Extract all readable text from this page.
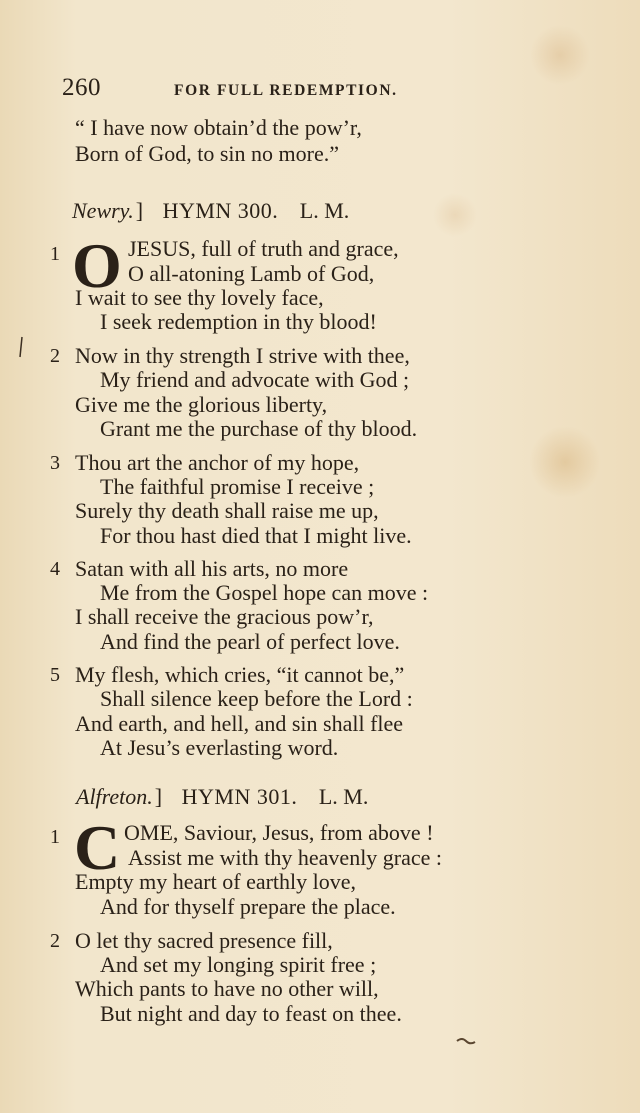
260	FOR FULL REDEMPTION.
“ I have now obtain’d the pow’r,
Born of God, to sin no more.”
Newry.] HYMN 300. L. M.
1 O JESUS, full of truth and grace,
O all-atoning Lamb of God,
I wait to see thy lovely face,
I seek redemption in thy blood!
2 Now in thy strength I strive with thee,
My friend and advocate with God ;
Give me the glorious liberty,
Grant me the purchase of thy blood.
3 Thou art the anchor of my hope,
The faithful promise I receive ;
Surely thy death shall raise me up,
For thou hast died that I might live.
4 Satan with all his arts, no more
Me from the Gospel hope can move :
I shall receive the gracious pow’r,
And find the pearl of perfect love.
5 My flesh, which cries, “it cannot be,”
Shall silence keep before the Lord :
And earth, and hell, and sin shall flee
At Jesu’s everlasting word.
Alfreton.] HYMN 301. L. M.
1 C OME, Saviour, Jesus, from above !
Assist me with thy heavenly grace :
Empty my heart of earthly love,
And for thyself prepare the place.
2 O let thy sacred presence fill,
And set my longing spirit free ;
Which pants to have no other will,
But night and day to feast on thee.
